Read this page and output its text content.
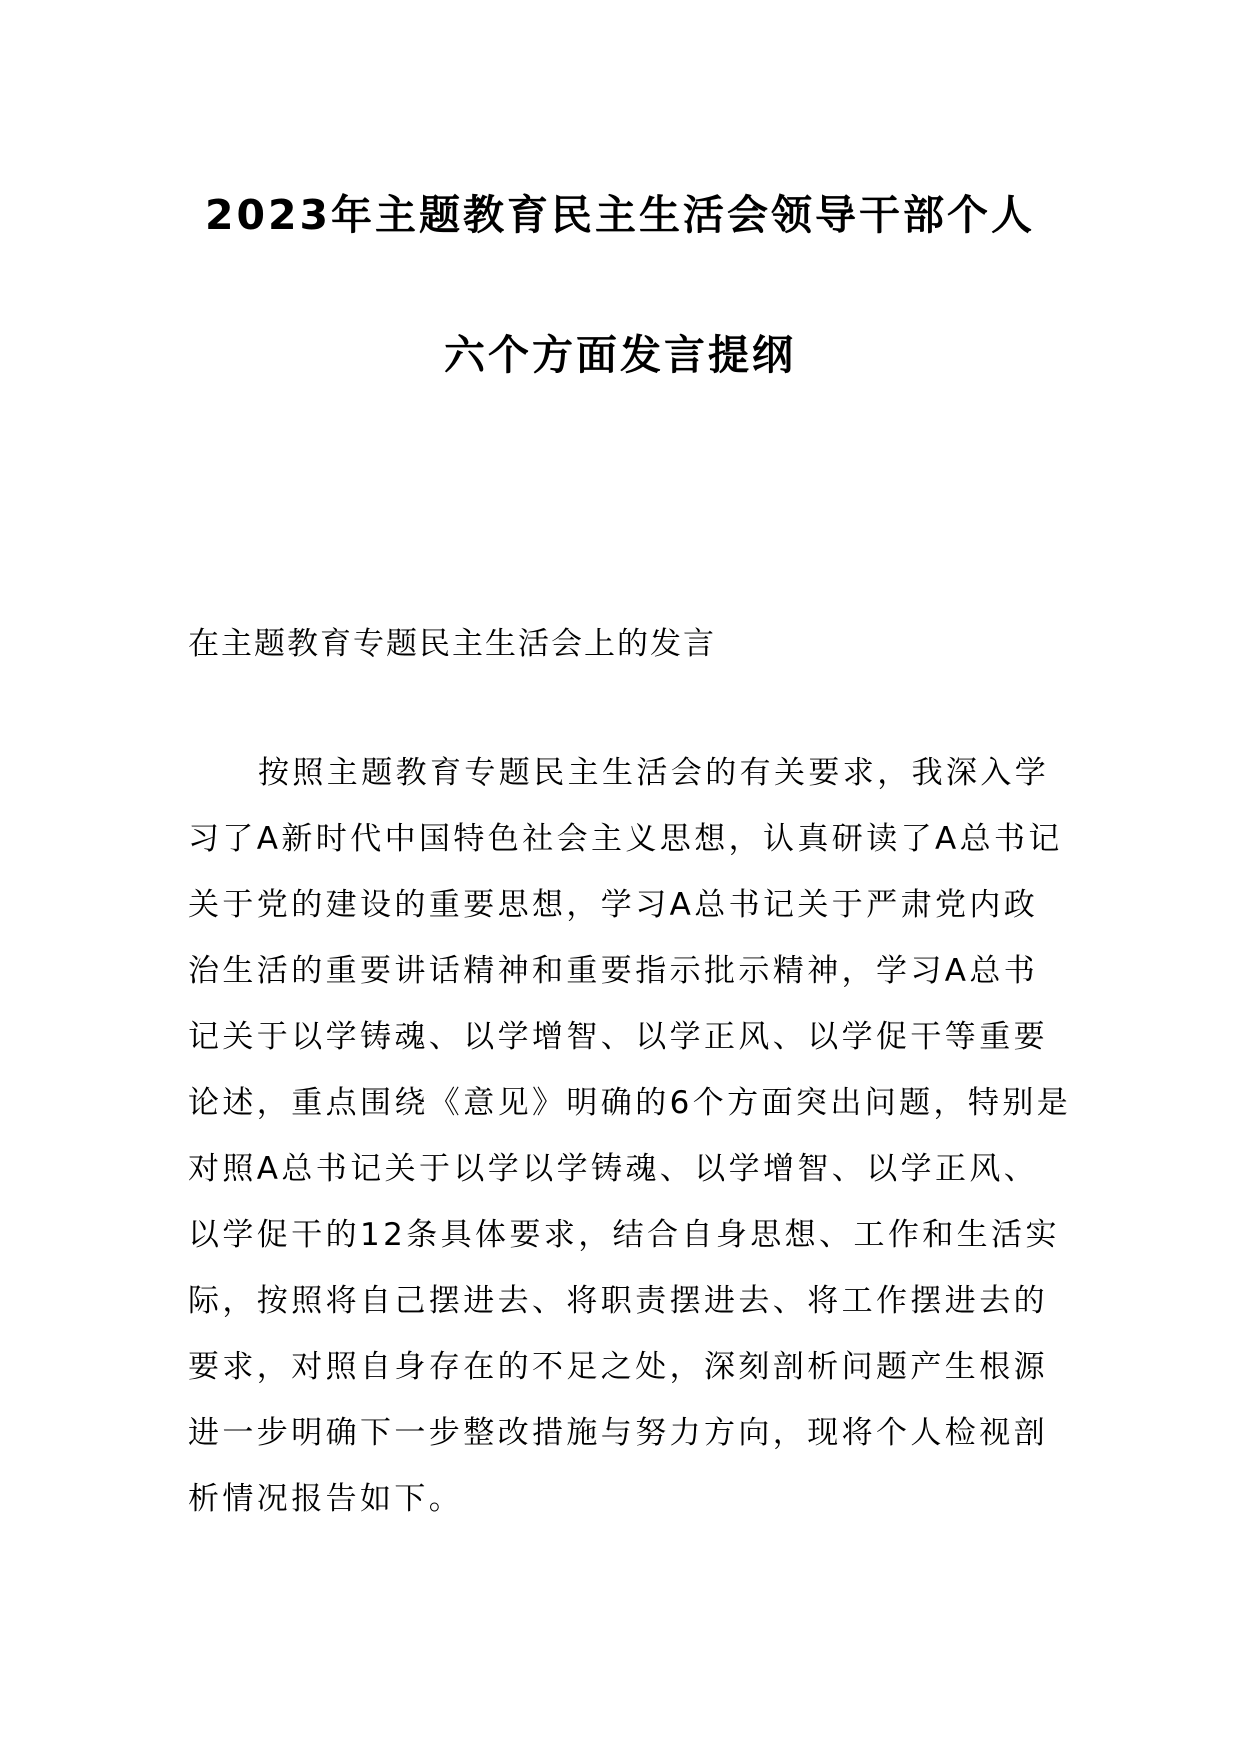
2023年主题教育民主生活会领导干部个人
六个方面发言提纲
在主题教育专题民主生活会上的发言
按照主题教育专题民主生活会的有关要求，我深入学
习了A新时代中国特色社会主义思想，认真研读了A总书记
关于党的建设的重要思想，学习A总书记关于严肃党内政
治生活的重要讲话精神和重要指示批示精神，学习A总书
记关于以学铸魂、以学增智、以学正风、以学促干等重要
论述，重点围绕《意见》明确的6个方面突出问题，特别是
对照A总书记关于以学以学铸魂、以学增智、以学正风、
以学促干的12条具体要求，结合自身思想、工作和生活实
际，按照将自己摆进去、将职责摆进去、将工作摆进去的
要求，对照自身存在的不足之处，深刻剖析问题产生根源
进一步明确下一步整改措施与努力方向，现将个人检视剖
析情况报告如下。
